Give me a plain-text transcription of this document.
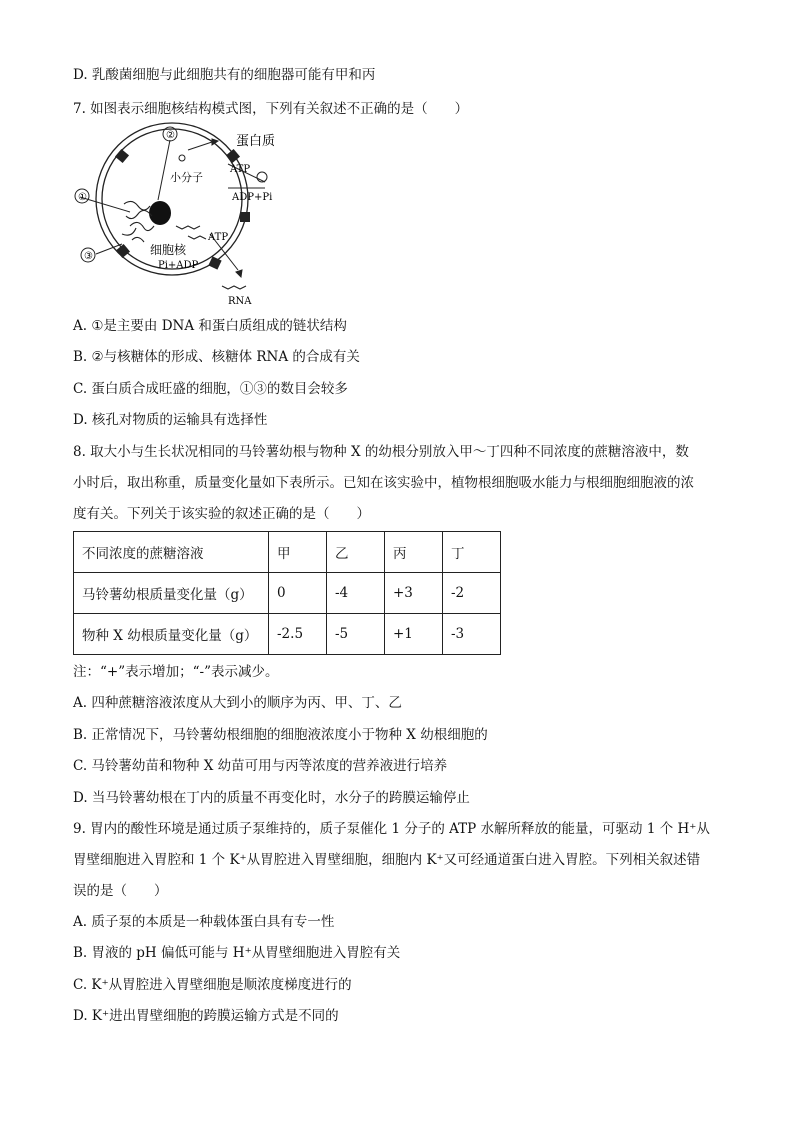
D. 乳酸菌细胞与此细胞共有的细胞器可能有甲和丙
7. 如图表示细胞核结构模式图，下列有关叙述不正确的是（　　）
②
①
③
蛋白质
小分子
ATP
ADP+Pi
ATP
细胞核
Pi+ADP
RNA
A. ①是主要由 DNA 和蛋白质组成的链状结构
B. ②与核糖体的形成、核糖体 RNA 的合成有关
C. 蛋白质合成旺盛的细胞，①③的数目会较多
D. 核孔对物质的运输具有选择性
8. 取大小与生长状况相同的马铃薯幼根与物种 X 的幼根分别放入甲～丁四种不同浓度的蔗糖溶液中，数
小时后，取出称重，质量变化量如下表所示。已知在该实验中，植物根细胞吸水能力与根细胞细胞液的浓
度有关。下列关于该实验的叙述正确的是（　　）
不同浓度的蔗糖溶液	甲	乙	丙	丁
马铃薯幼根质量变化量（g）	0	-4	+3	-2
物种 X 幼根质量变化量（g）	-2.5	-5	+1	-3
注：“+”表示增加；“-”表示减少。
A. 四种蔗糖溶液浓度从大到小的顺序为丙、甲、丁、乙
B. 正常情况下，马铃薯幼根细胞的细胞液浓度小于物种 X 幼根细胞的
C. 马铃薯幼苗和物种 X 幼苗可用与丙等浓度的营养液进行培养
D. 当马铃薯幼根在丁内的质量不再变化时，水分子的跨膜运输停止
9. 胃内的酸性环境是通过质子泵维持的，质子泵催化 1 分子的 ATP 水解所释放的能量，可驱动 1 个 H⁺从
胃壁细胞进入胃腔和 1 个 K⁺从胃腔进入胃壁细胞，细胞内 K⁺又可经通道蛋白进入胃腔。下列相关叙述错
误的是（　　）
A. 质子泵的本质是一种载体蛋白具有专一性
B. 胃液的 pH 偏低可能与 H⁺从胃壁细胞进入胃腔有关
C. K⁺从胃腔进入胃壁细胞是顺浓度梯度进行的
D. K⁺进出胃壁细胞的跨膜运输方式是不同的
